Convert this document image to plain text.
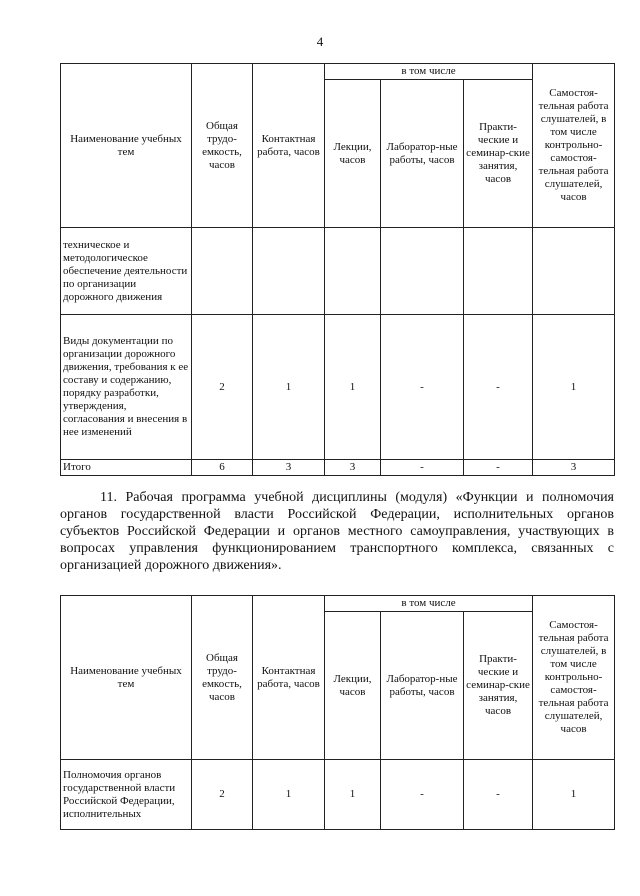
4
Наименование учебных тем	Общая трудо-емкость, часов	Контактная работа, часов	в том числе			Самостоя-тельная работа слушателей, в том числе контрольно-самостоя-тельная работа слушателей, часов
			Лекции, часов	Лаборатор-ные работы, часов	Практи-ческие и семинар-ские занятия, часов	
техническое и методологическое обеспечение деятельности по организации дорожного движения						
Виды документации по организации дорожного движения, требования к ее составу и содержанию, порядку разработки, утверждения, согласования и внесения в нее изменений	2	1	1	-	-	1
Итого	6	3	3	-	-	3

11. Рабочая программа учебной дисциплины (модуля) «Функции и полномочия органов государственной власти Российской Федерации, исполнительных органов субъектов Российской Федерации и органов местного самоуправления, участвующих в вопросах управления функционированием транспортного комплекса, связанных с организацией дорожного движения».

Наименование учебных тем	Общая трудо-емкость, часов	Контактная работа, часов	в том числе			Самостоя-тельная работа слушателей, в том числе контрольно-самостоя-тельная работа слушателей, часов
			Лекции, часов	Лаборатор-ные работы, часов	Практи-ческие и семинар-ские занятия, часов	
Полномочия органов государственной власти Российской Федерации, исполнительных	2	1	1	-	-	1
